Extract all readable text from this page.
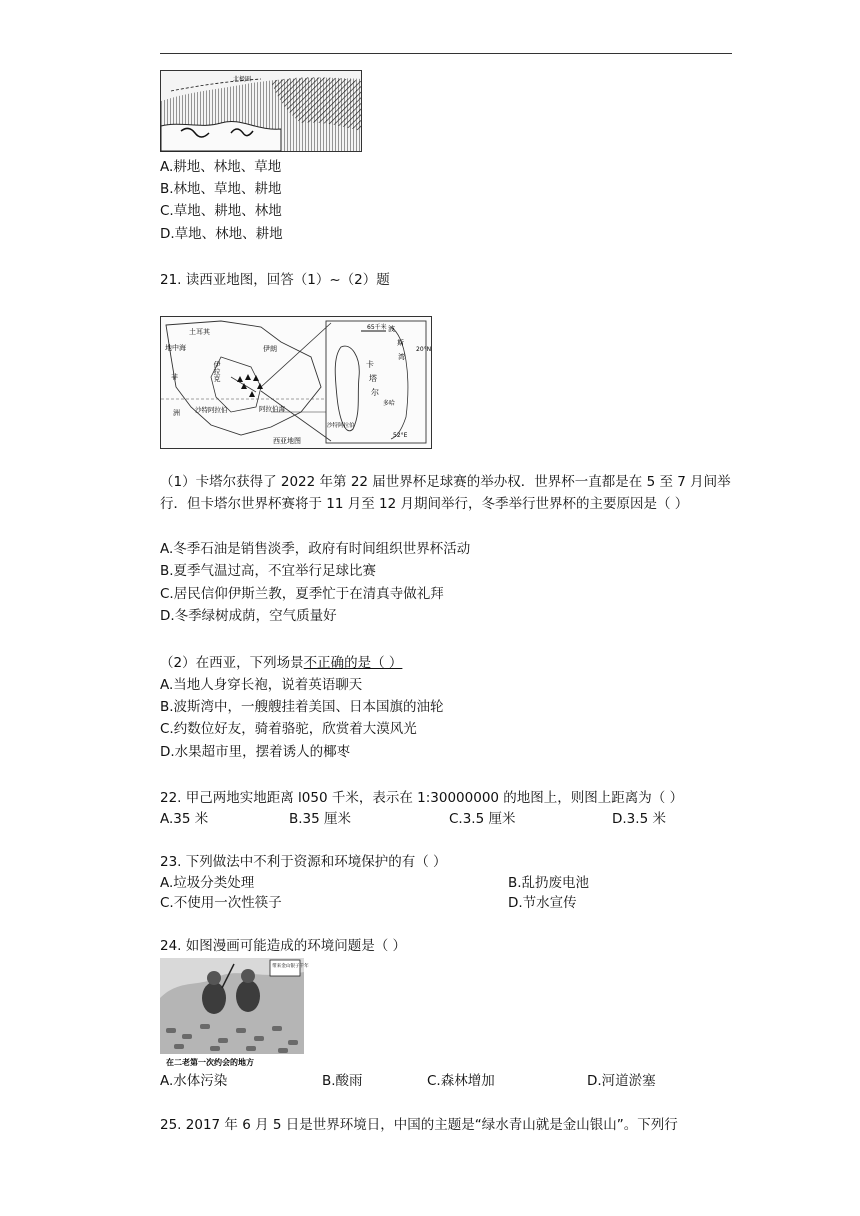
北极圈
A.耕地、林地、草地
B.林地、草地、耕地
C.草地、耕地、林地
D.草地、林地、耕地
21. 读西亚地图，回答（1）~（2）题
土耳其
地中海
伊拉克
伊朗
非
洲 沙特阿拉伯	阿拉伯海
西亚地图
65千米
20°N
52°E
波
斯
湾
卡
塔
尔
多哈
沙特阿拉伯
（1）卡塔尔获得了 2022 年第 22 届世界杯足球赛的举办权．世界杯一直都是在 5 至 7 月间举行．但卡塔尔世界杯赛将于 11 月至 12 月期间举行，冬季举行世界杯的主要原因是（ ）
A.冬季石油是销售淡季，政府有时间组织世界杯活动
B.夏季气温过高，不宜举行足球比赛
C.居民信仰伊斯兰教，夏季忙于在清真寺做礼拜
D.冬季绿树成荫，空气质量好
（2）在西亚，下列场景不正确的是（ ）
A.当地人身穿长袍，说着英语聊天
B.波斯湾中，一艘艘挂着美国、日本国旗的油轮
C.约数位好友，骑着骆驼，欣赏着大漠风光
D.水果超市里，摆着诱人的椰枣
22. 甲己两地实地距离 l050 千米，表示在 1:30000000 的地图上，则图上距离为（ ）
A.35 米	B.35 厘米	C.3.5 厘米	D.3.5 米
23. 下列做法中不利于资源和环境保护的有（ ）
A.垃圾分类处理	B.乱扔废电池
C.不使用一次性筷子	D.节水宣传
24. 如图漫画可能造成的环境问题是（ ）
带来金山银子千年
在二老第一次约会的地方
A.水体污染	B.酸雨	C.森林增加	D.河道淤塞
25. 2017 年 6 月 5 日是世界环境日，中国的主题是“绿水青山就是金山银山”。下列行
